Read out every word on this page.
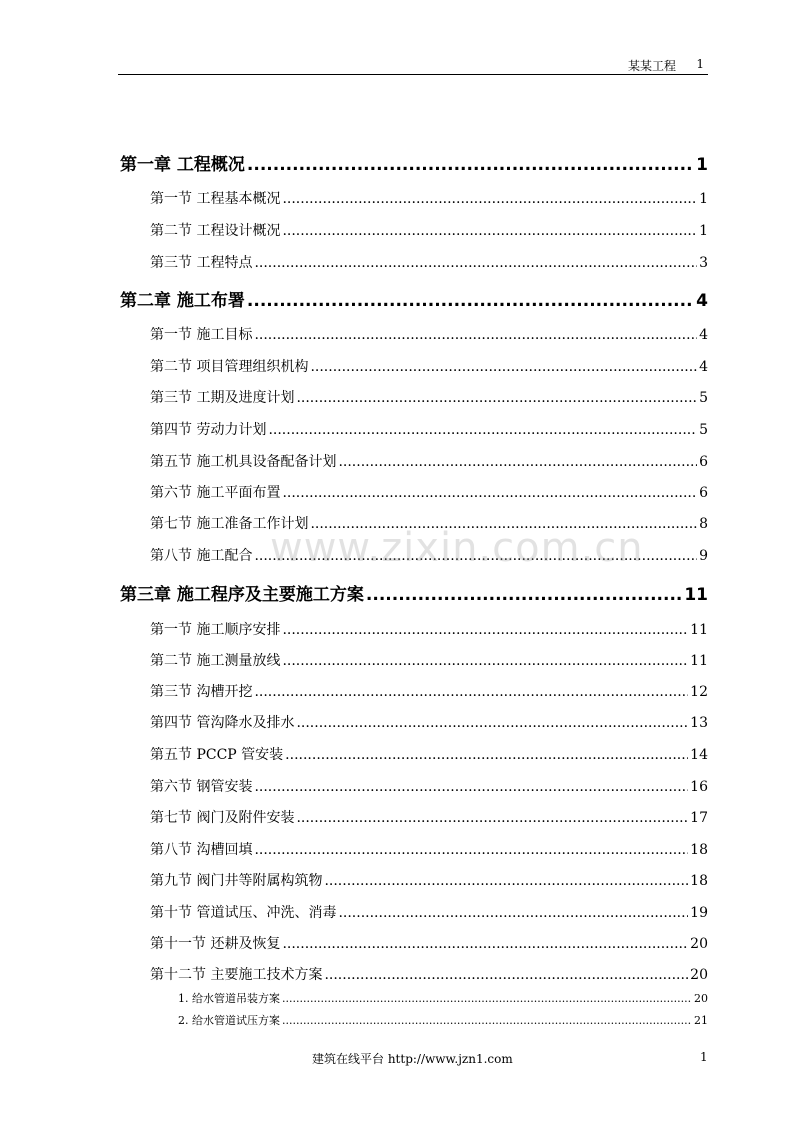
某某工程 1
第一章 工程概况 .....	1
第一节 工程基本概况 .....	1
第二节 工程设计概况 .....	1
第三节 工程特点 .....	3
第二章 施工布署 .....	4
第一节 施工目标 .....	4
第二节 项目管理组织机构 .....	4
第三节 工期及进度计划 .....	5
第四节 劳动力计划 .....	5
第五节 施工机具设备配备计划 .....	6
第六节 施工平面布置 .....	6
第七节 施工准备工作计划 .....	8
第八节 施工配合 .....	9
第三章 施工程序及主要施工方案 .....	11
第一节 施工顺序安排 .....	11
第二节 施工测量放线 .....	11
第三节 沟槽开挖 .....	12
第四节 管沟降水及排水 .....	13
第五节 PCCP 管安装 .....	14
第六节 钢管安装 .....	16
第七节 阀门及附件安装 .....	17
第八节 沟槽回填 .....	18
第九节 阀门井等附属构筑物 .....	18
第十节 管道试压、冲洗、消毒 .....	19
第十一节 还耕及恢复 .....	20
第十二节 主要施工技术方案 .....	20
1. 给水管道吊装方案 .....	20
2. 给水管道试压方案 .....	21
www.zixin.com.cn
建筑在线平台 http://www.jzn1.com	1
